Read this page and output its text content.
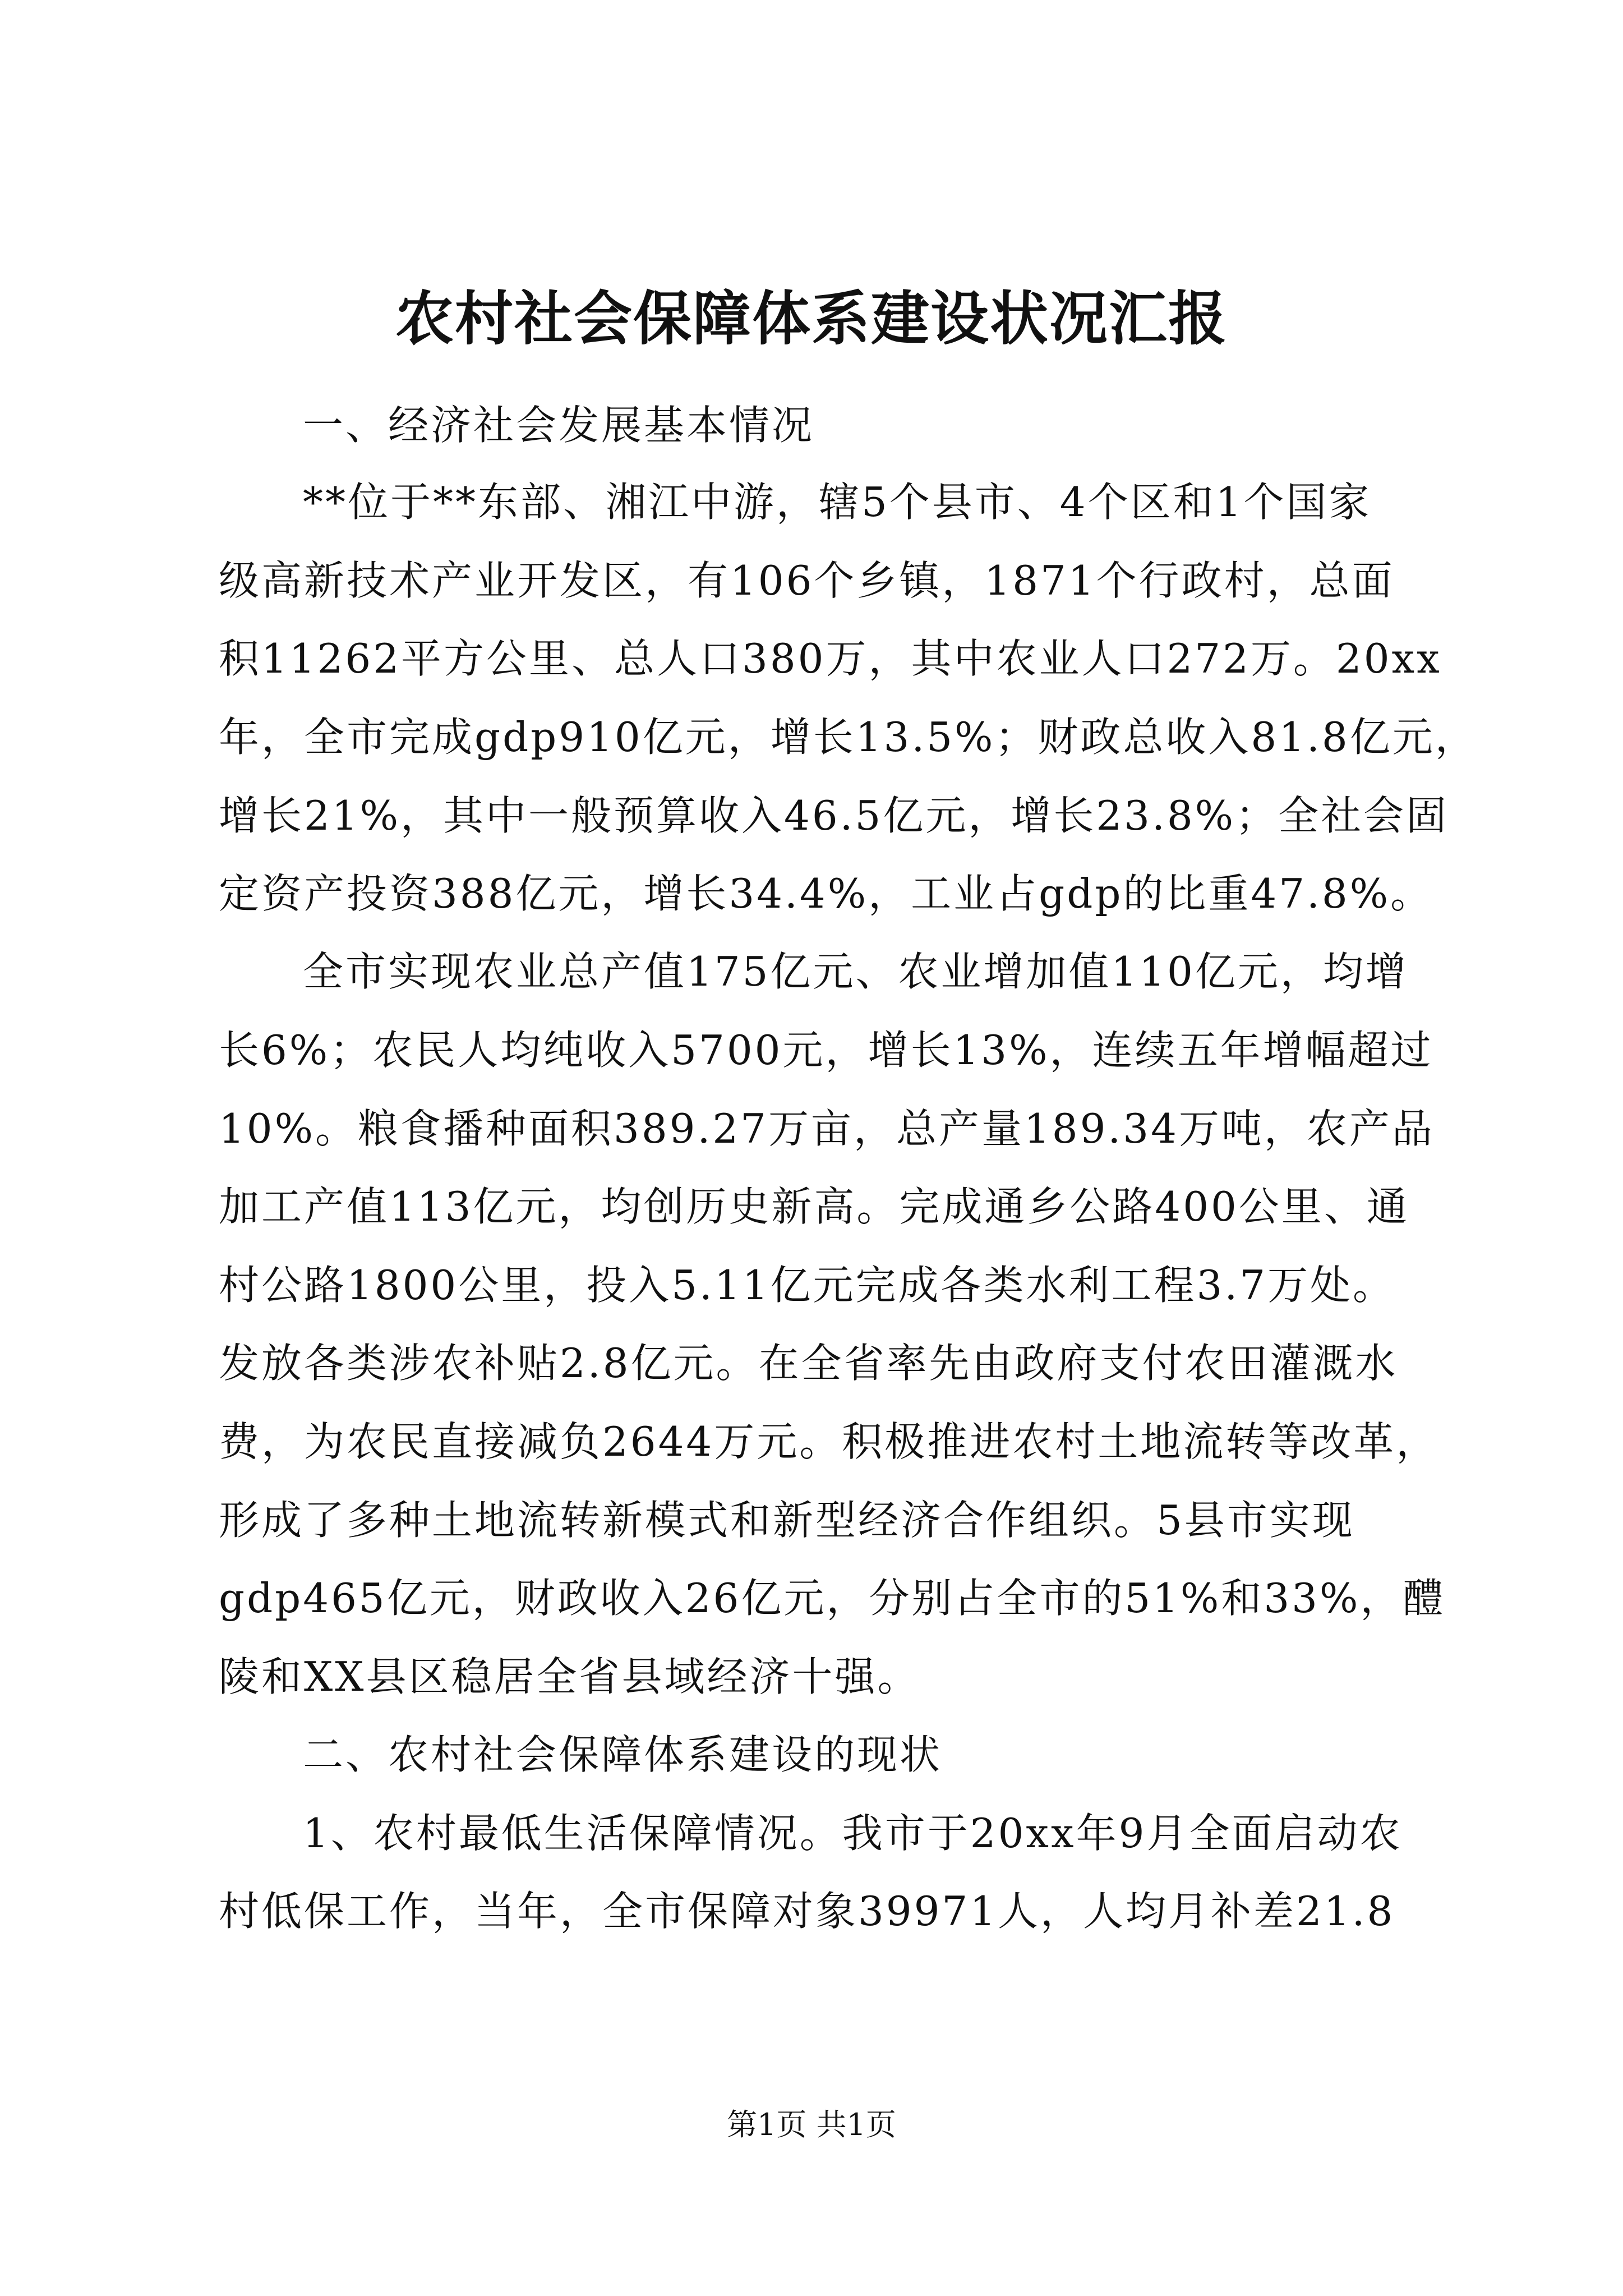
农村社会保障体系建设状况汇报

一、经济社会发展基本情况

**位于**东部、湘江中游，辖5个县市、4个区和1个国家

级高新技术产业开发区，有106个乡镇，1871个行政村，总面

积11262平方公里、总人口380万，其中农业人口272万。20xx

年，全市完成gdp910亿元，增长13.5%；财政总收入81.8亿元，

增长21%，其中一般预算收入46.5亿元，增长23.8%；全社会固

定资产投资388亿元，增长34.4%，工业占gdp的比重47.8%。

全市实现农业总产值175亿元、农业增加值110亿元，均增

长6%；农民人均纯收入5700元，增长13%，连续五年增幅超过

10%。粮食播种面积389.27万亩，总产量189.34万吨，农产品

加工产值113亿元，均创历史新高。完成通乡公路400公里、通

村公路1800公里，投入5.11亿元完成各类水利工程3.7万处。

发放各类涉农补贴2.8亿元。在全省率先由政府支付农田灌溉水

费，为农民直接减负2644万元。积极推进农村土地流转等改革，

形成了多种土地流转新模式和新型经济合作组织。5县市实现

gdp465亿元，财政收入26亿元，分别占全市的51%和33%，醴

陵和XX县区稳居全省县域经济十强。

二、农村社会保障体系建设的现状

1、农村最低生活保障情况。我市于20xx年9月全面启动农

村低保工作，当年，全市保障对象39971人，人均月补差21.8

第1页 共1页
